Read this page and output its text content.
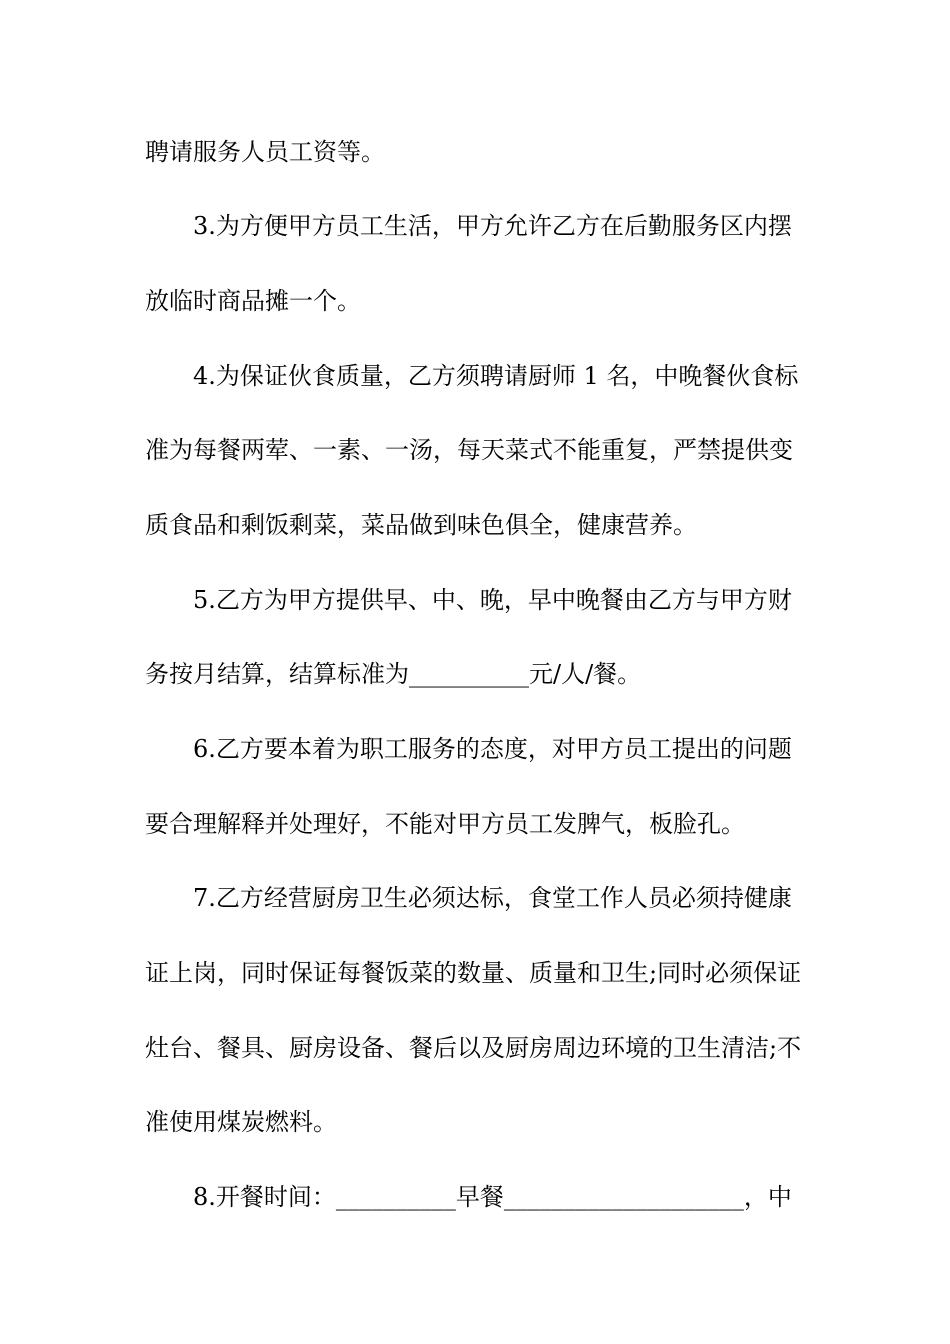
聘请服务人员工资等。
3.为方便甲方员工生活，甲方允许乙方在后勤服务区内摆
放临时商品摊一个。
4.为保证伙食质量，乙方须聘请厨师 1 名，中晚餐伙食标
准为每餐两荤、一素、一汤，每天菜式不能重复，严禁提供变
质食品和剩饭剩菜，菜品做到味色俱全，健康营养。
5.乙方为甲方提供早、中、晚，早中晚餐由乙方与甲方财
务按月结算，结算标准为__________元/人/餐。
6.乙方要本着为职工服务的态度，对甲方员工提出的问题
要合理解释并处理好，不能对甲方员工发脾气，板脸孔。
7.乙方经营厨房卫生必须达标，食堂工作人员必须持健康
证上岗，同时保证每餐饭菜的数量、质量和卫生;同时必须保证
灶台、餐具、厨房设备、餐后以及厨房周边环境的卫生清洁;不
准使用煤炭燃料。
8.开餐时间：__________早餐____________________，中
